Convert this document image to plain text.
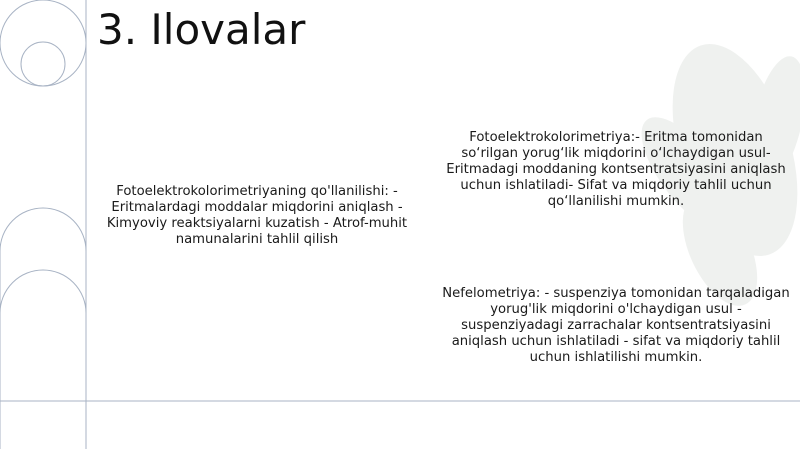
3. Ilovalar
Fotoelektrokolorimetriyaning qo'llanilishi: - Eritmalardagi moddalar miqdorini aniqlash - Kimyoviy reaktsiyalarni kuzatish - Atrof-muhit namunalarini tahlil qilish
Fotoelektrokolorimetriya:- Eritma tomonidan so‘rilgan yorug‘lik miqdorini o‘lchaydigan usul- Eritmadagi moddaning kontsentratsiyasini aniqlash uchun ishlatiladi- Sifat va miqdoriy tahlil uchun qo‘llanilishi mumkin.
Nefelometriya: - suspenziya tomonidan tarqaladigan yorug'lik miqdorini o'lchaydigan usul - suspenziyadagi zarrachalar kontsentratsiyasini aniqlash uchun ishlatiladi - sifat va miqdoriy tahlil uchun ishlatilishi mumkin.
